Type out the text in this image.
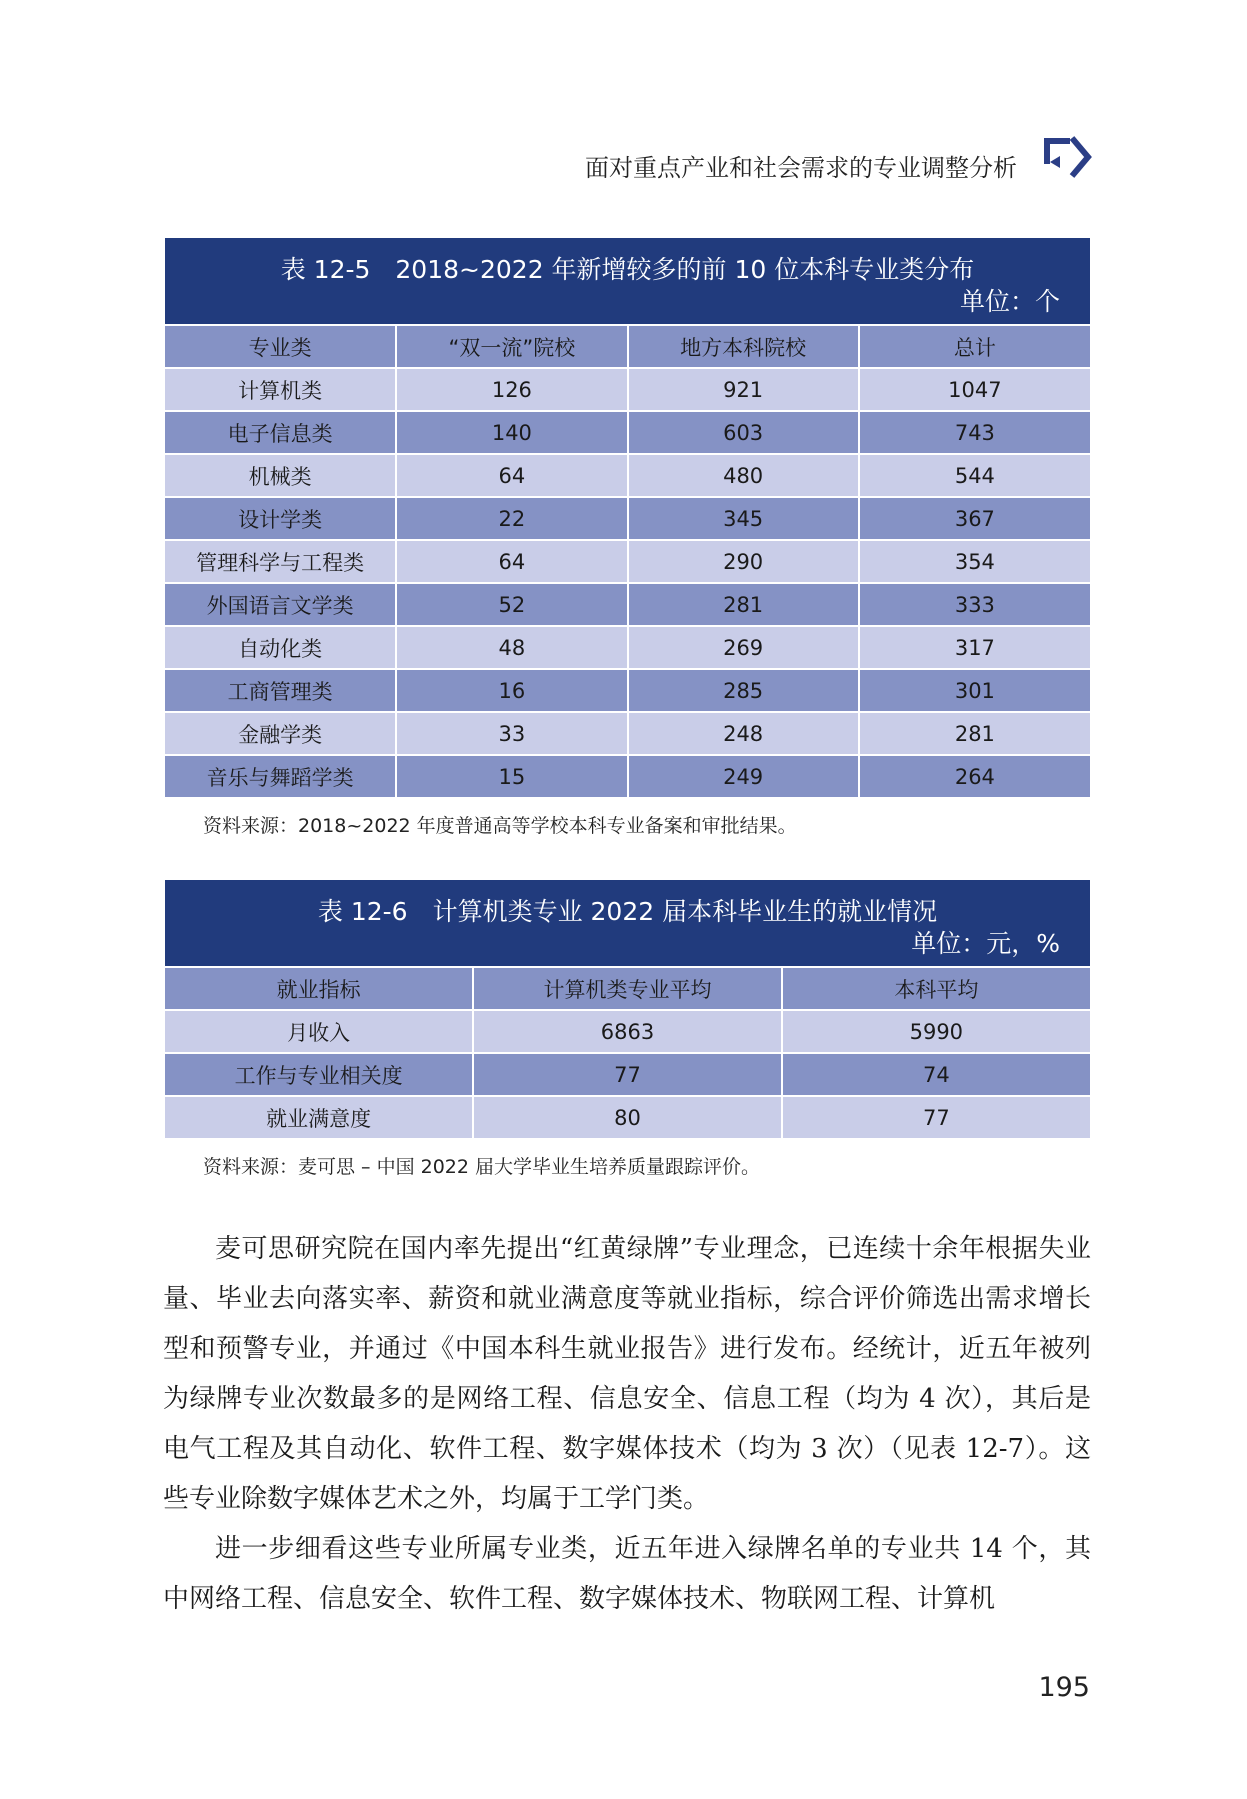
面对重点产业和社会需求的专业调整分析
表 12-5　2018~2022 年新增较多的前 10 位本科专业类分布
单位：个
专业类	“双一流”院校	地方本科院校	总计
计算机类	126	921	1047
电子信息类	140	603	743
机械类	64	480	544
设计学类	22	345	367
管理科学与工程类	64	290	354
外国语言文学类	52	281	333
自动化类	48	269	317
工商管理类	16	285	301
金融学类	33	248	281
音乐与舞蹈学类	15	249	264
资料来源：2018~2022 年度普通高等学校本科专业备案和审批结果。
表 12-6　计算机类专业 2022 届本科毕业生的就业情况
单位：元，%
就业指标	计算机类专业平均	本科平均
月收入	6863	5990
工作与专业相关度	77	74
就业满意度	80	77
资料来源：麦可思 – 中国 2022 届大学毕业生培养质量跟踪评价。

麦可思研究院在国内率先提出“红黄绿牌”专业理念，已连续十余年根据失业量、毕业去向落实率、薪资和就业满意度等就业指标，综合评价筛选出需求增长型和预警专业，并通过《中国本科生就业报告》进行发布。经统计，近五年被列为绿牌专业次数最多的是网络工程、信息安全、信息工程（均为 4 次），其后是电气工程及其自动化、软件工程、数字媒体技术（均为 3 次）（见表 12-7）。这些专业除数字媒体艺术之外，均属于工学门类。

进一步细看这些专业所属专业类，近五年进入绿牌名单的专业共 14 个，其中网络工程、信息安全、软件工程、数字媒体技术、物联网工程、计算机

195
